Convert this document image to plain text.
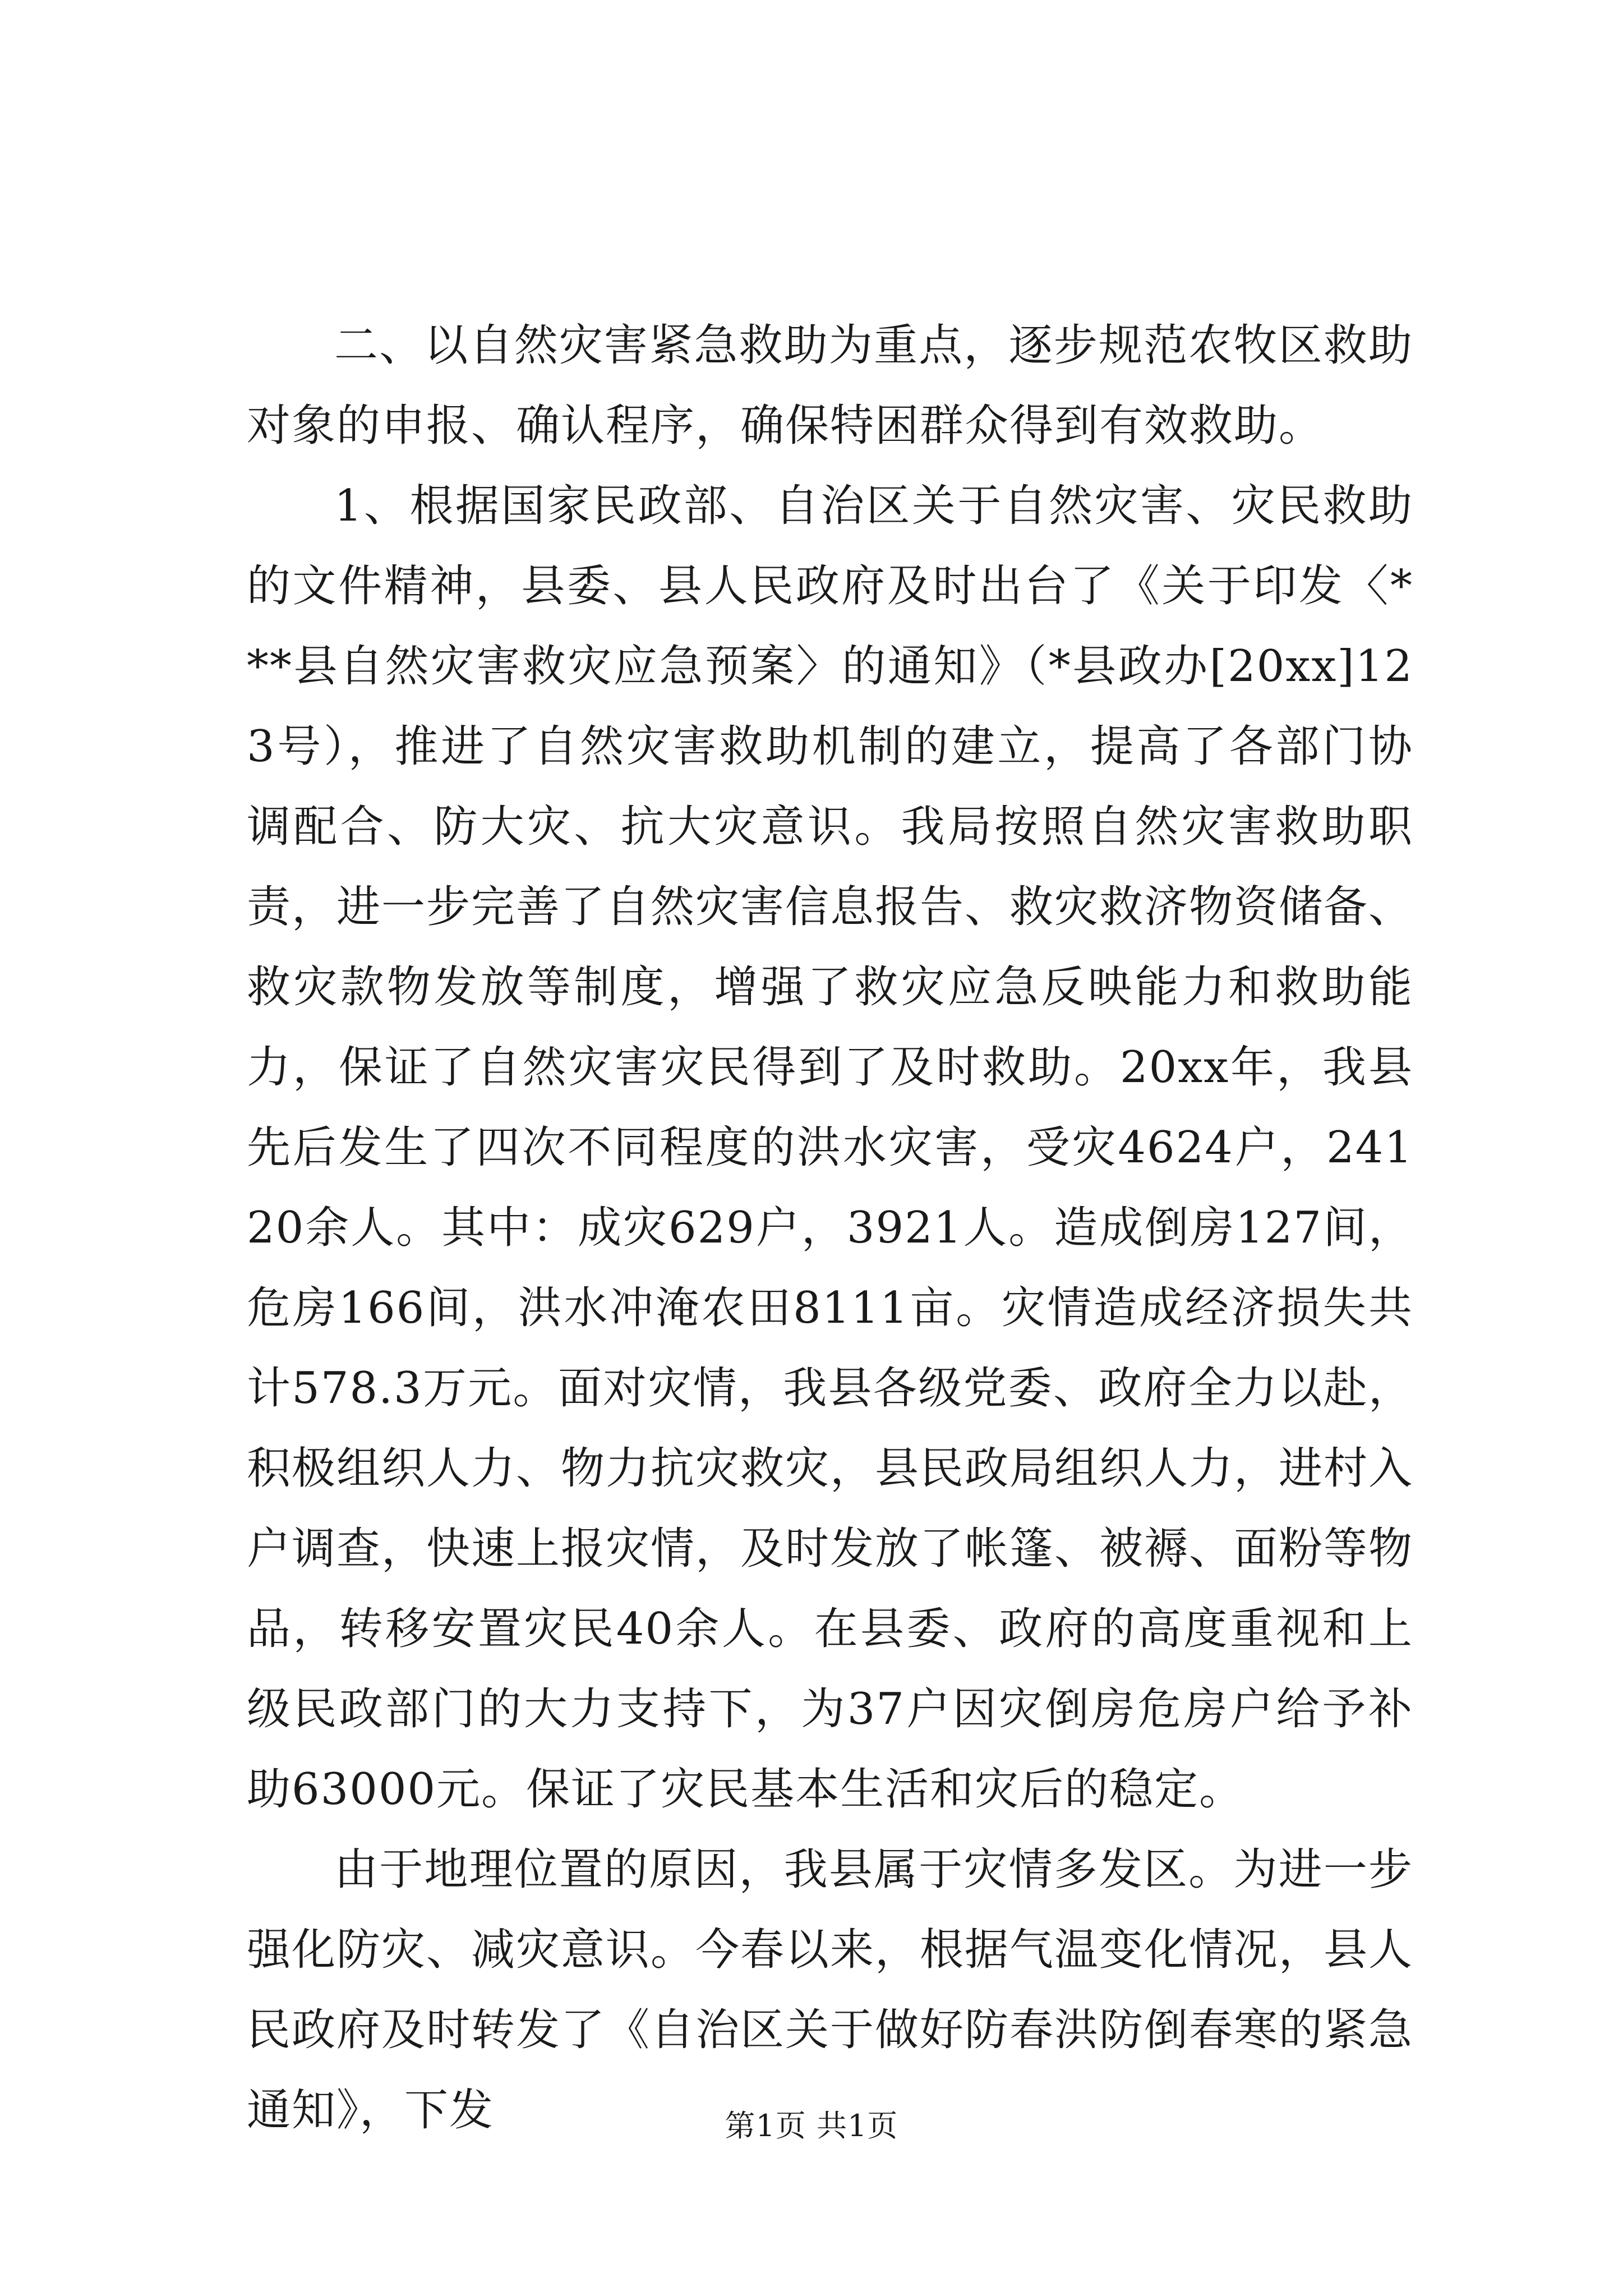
二、以自然灾害紧急救助为重点，逐步规范农牧区救助对象的申报、确认程序，确保特困群众得到有效救助。

1、根据国家民政部、自治区关于自然灾害、灾民救助的文件精神，县委、县人民政府及时出台了《关于印发〈***县自然灾害救灾应急预案〉的通知》（*县政办[20xx]123号），推进了自然灾害救助机制的建立，提高了各部门协调配合、防大灾、抗大灾意识。我局按照自然灾害救助职责，进一步完善了自然灾害信息报告、救灾救济物资储备、救灾款物发放等制度，增强了救灾应急反映能力和救助能力，保证了自然灾害灾民得到了及时救助。20xx年，我县先后发生了四次不同程度的洪水灾害，受灾4624户，24120余人。其中：成灾629户，3921人。造成倒房127间，危房166间，洪水冲淹农田8111亩。灾情造成经济损失共计578.3万元。面对灾情，我县各级党委、政府全力以赴，积极组织人力、物力抗灾救灾，县民政局组织人力，进村入户调查，快速上报灾情，及时发放了帐篷、被褥、面粉等物品，转移安置灾民40余人。在县委、政府的高度重视和上级民政部门的大力支持下，为37户因灾倒房危房户给予补助63000元。保证了灾民基本生活和灾后的稳定。

由于地理位置的原因，我县属于灾情多发区。为进一步强化防灾、减灾意识。今春以来，根据气温变化情况，县人民政府及时转发了《自治区关于做好防春洪防倒春寒的紧急通知》，下发	第1页 共1页
